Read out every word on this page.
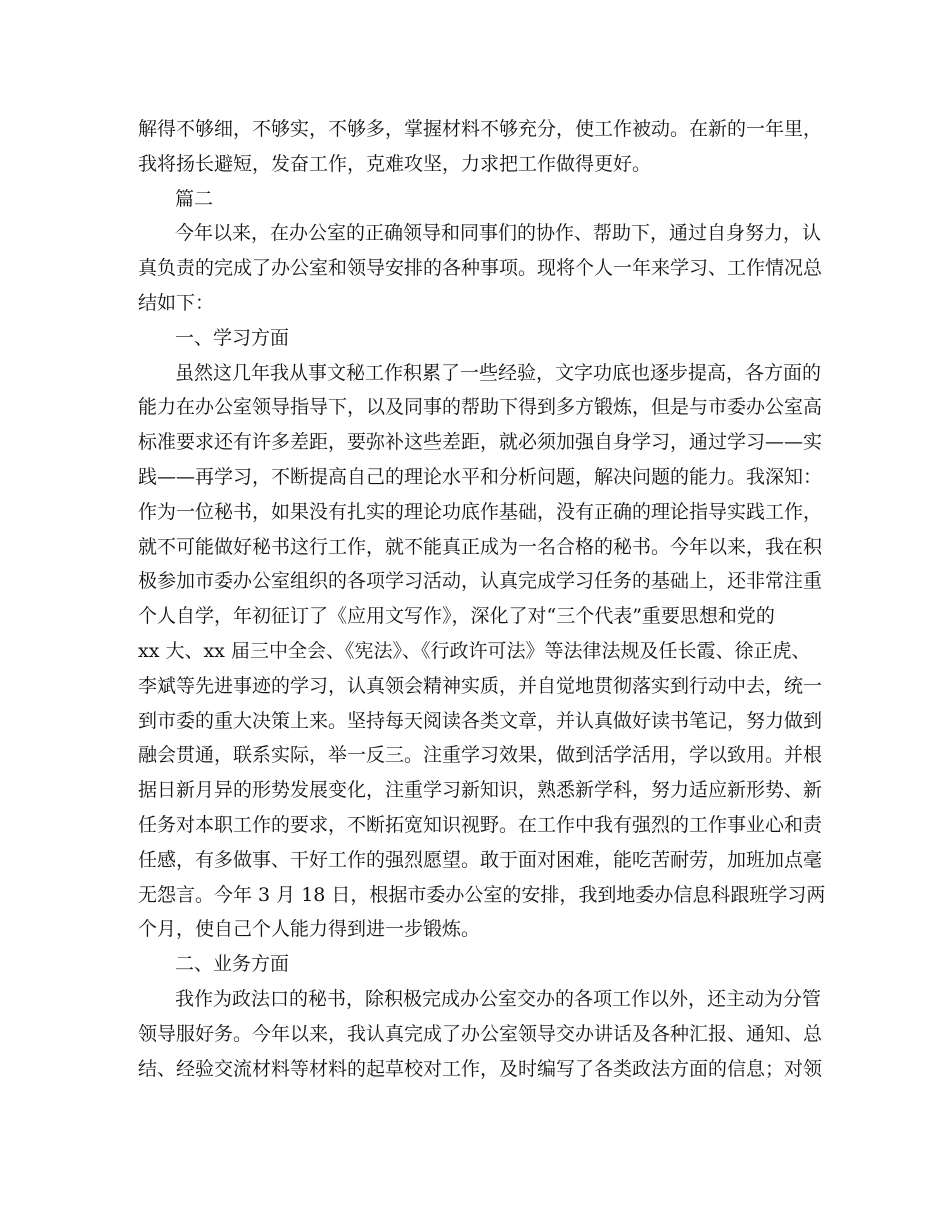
解得不够细，不够实，不够多，掌握材料不够充分，使工作被动。在新的一年里，
我将扬长避短，发奋工作，克难攻坚，力求把工作做得更好。
篇二
今年以来，在办公室的正确领导和同事们的协作、帮助下，通过自身努力，认
真负责的完成了办公室和领导安排的各种事项。现将个人一年来学习、工作情况总
结如下：
一、学习方面
虽然这几年我从事文秘工作积累了一些经验，文字功底也逐步提高，各方面的
能力在办公室领导指导下，以及同事的帮助下得到多方锻炼，但是与市委办公室高
标准要求还有许多差距，要弥补这些差距，就必须加强自身学习，通过学习——实
践——再学习，不断提高自己的理论水平和分析问题，解决问题的能力。我深知：
作为一位秘书，如果没有扎实的理论功底作基础，没有正确的理论指导实践工作，
就不可能做好秘书这行工作，就不能真正成为一名合格的秘书。今年以来，我在积
极参加市委办公室组织的各项学习活动，认真完成学习任务的基础上，还非常注重
个人自学，年初征订了《应用文写作》，深化了对“三个代表”重要思想和党的
xx 大、xx 届三中全会、《宪法》、《行政许可法》等法律法规及任长霞、徐正虎、
李斌等先进事迹的学习，认真领会精神实质，并自觉地贯彻落实到行动中去，统一
到市委的重大决策上来。坚持每天阅读各类文章，并认真做好读书笔记，努力做到
融会贯通，联系实际，举一反三。注重学习效果，做到活学活用，学以致用。并根
据日新月异的形势发展变化，注重学习新知识，熟悉新学科，努力适应新形势、新
任务对本职工作的要求，不断拓宽知识视野。在工作中我有强烈的工作事业心和责
任感，有多做事、干好工作的强烈愿望。敢于面对困难，能吃苦耐劳，加班加点毫
无怨言。今年 3 月 18 日，根据市委办公室的安排，我到地委办信息科跟班学习两
个月，使自己个人能力得到进一步锻炼。
二、业务方面
我作为政法口的秘书，除积极完成办公室交办的各项工作以外，还主动为分管
领导服好务。今年以来，我认真完成了办公室领导交办讲话及各种汇报、通知、总
结、经验交流材料等材料的起草校对工作，及时编写了各类政法方面的信息；对领
